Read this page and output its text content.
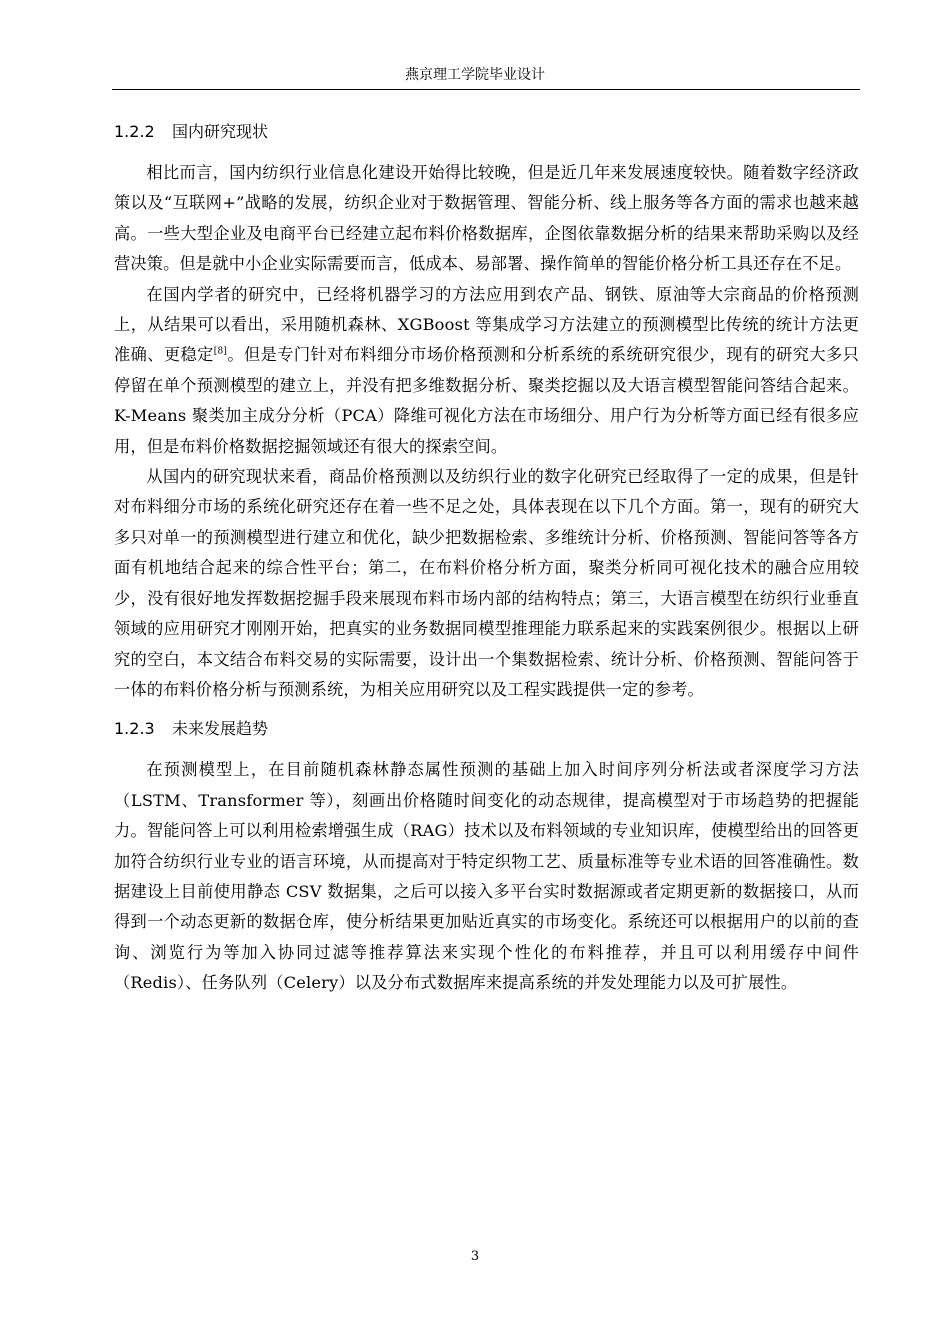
燕京理工学院毕业设计
1.2.2 国内研究现状

相比而言，国内纺织行业信息化建设开始得比较晚，但是近几年来发展速度较快。随着数字经济政策以及“互联网+”战略的发展，纺织企业对于数据管理、智能分析、线上服务等各方面的需求也越来越高。一些大型企业及电商平台已经建立起布料价格数据库，企图依靠数据分析的结果来帮助采购以及经营决策。但是就中小企业实际需要而言，低成本、易部署、操作简单的智能价格分析工具还存在不足。

在国内学者的研究中，已经将机器学习的方法应用到农产品、钢铁、原油等大宗商品的价格预测上，从结果可以看出，采用随机森林、XGBoost 等集成学习方法建立的预测模型比传统的统计方法更准确、更稳定[8]。但是专门针对布料细分市场价格预测和分析系统的系统研究很少，现有的研究大多只停留在单个预测模型的建立上，并没有把多维数据分析、聚类挖掘以及大语言模型智能问答结合起来。K-Means 聚类加主成分分析（PCA）降维可视化方法在市场细分、用户行为分析等方面已经有很多应用，但是布料价格数据挖掘领域还有很大的探索空间。

从国内的研究现状来看，商品价格预测以及纺织行业的数字化研究已经取得了一定的成果，但是针对布料细分市场的系统化研究还存在着一些不足之处，具体表现在以下几个方面。第一，现有的研究大多只对单一的预测模型进行建立和优化，缺少把数据检索、多维统计分析、价格预测、智能问答等各方面有机地结合起来的综合性平台；第二，在布料价格分析方面，聚类分析同可视化技术的融合应用较少，没有很好地发挥数据挖掘手段来展现布料市场内部的结构特点；第三，大语言模型在纺织行业垂直领域的应用研究才刚刚开始，把真实的业务数据同模型推理能力联系起来的实践案例很少。根据以上研究的空白，本文结合布料交易的实际需要，设计出一个集数据检索、统计分析、价格预测、智能问答于一体的布料价格分析与预测系统，为相关应用研究以及工程实践提供一定的参考。

1.2.3 未来发展趋势

在预测模型上，在目前随机森林静态属性预测的基础上加入时间序列分析法或者深度学习方法（LSTM、Transformer 等），刻画出价格随时间变化的动态规律，提高模型对于市场趋势的把握能力。智能问答上可以利用检索增强生成（RAG）技术以及布料领域的专业知识库，使模型给出的回答更加符合纺织行业专业的语言环境，从而提高对于特定织物工艺、质量标准等专业术语的回答准确性。数据建设上目前使用静态 CSV 数据集，之后可以接入多平台实时数据源或者定期更新的数据接口，从而得到一个动态更新的数据仓库，使分析结果更加贴近真实的市场变化。系统还可以根据用户的以前的查询、浏览行为等加入协同过滤等推荐算法来实现个性化的布料推荐，并且可以利用缓存中间件（Redis）、任务队列（Celery）以及分布式数据库来提高系统的并发处理能力以及可扩展性。

3
